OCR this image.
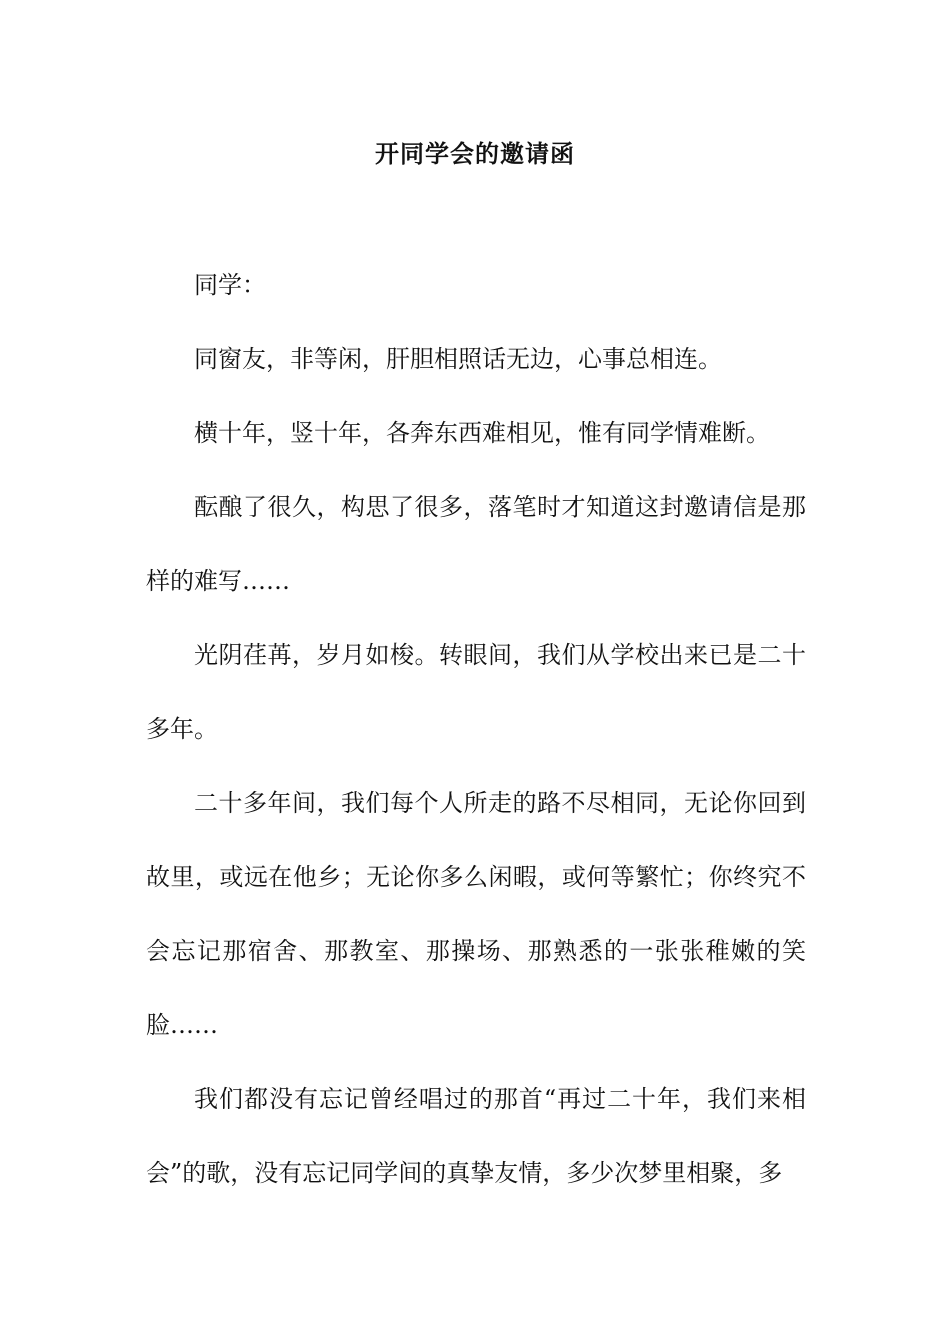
开同学会的邀请函

同学：

同窗友，非等闲，肝胆相照话无边，心事总相连。

横十年，竖十年，各奔东西难相见，惟有同学情难断。

酝酿了很久，构思了很多，落笔时才知道这封邀请信是那样的难写……

光阴荏苒，岁月如梭。转眼间，我们从学校出来已是二十多年。

二十多年间，我们每个人所走的路不尽相同，无论你回到故里，或远在他乡；无论你多么闲暇，或何等繁忙；你终究不会忘记那宿舍、那教室、那操场、那熟悉的一张张稚嫩的笑脸……

我们都没有忘记曾经唱过的那首“再过二十年，我们来相会”的歌，没有忘记同学间的真挚友情，多少次梦里相聚，多
